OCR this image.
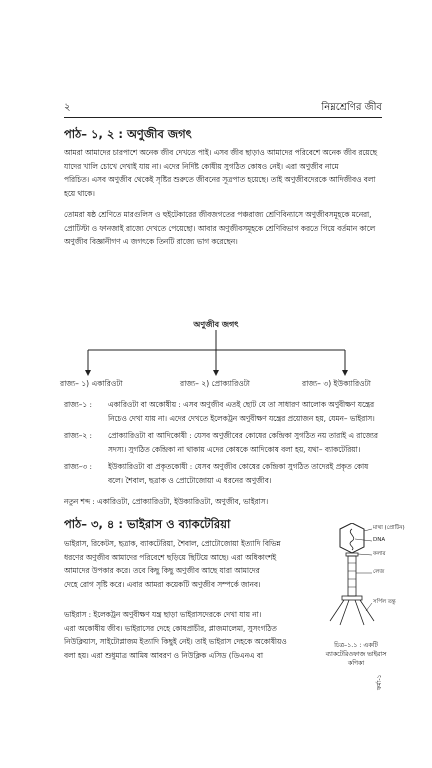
২	নিম্নশ্রেণির জীব
পাঠ– ১, ২ : অণুজীব জগৎ

আমরা আমাদের চারপাশে অনেক জীব দেখতে পাই। এসব জীব ছাড়াও আমাদের পরিবেশে অনেক জীব রয়েছে

যাদের খালি চোখে দেখাই যায় না। এদের নির্দিষ্ট কোষীয় সুগঠিত কোষও নেই। এরা অণুজীব নামে

পরিচিত। এসব অণুজীব থেকেই সৃষ্টির শুরুতে জীবনের সূত্রপাত হয়েছে। তাই অণুজীবদেরকে আদিজীবও বলা

হয়ে থাকে।

তোমরা ষষ্ঠ শ্রেণিতে মারগুলিস ও হুইটেকারের জীবজগতের পঞ্চরাজ্য শ্রেণিবিন্যাসে অণুজীবসমূহকে মনেরা,

প্রোটিস্টা ও ফানজাই রাজ্যে দেখতে পেয়েছো। আবার অণুজীবসমূহকে শ্রেণিবিভাগ করতে গিয়ে বর্তমান কালে

অণুজীব বিজ্ঞানীগণ এ জগৎকে তিনটি রাজ্যে ভাগ করেছেন।

অণুজীব জগৎ
রাজ্য– ১) একারিওটা	রাজ্য– ২) প্রোক্যারিওটা	রাজ্য– ৩) ইউক্যারিওটা
রাজ্য–১ : একারিওটা বা অকোষীয় : এসব অণুজীব এতই ছোট যে তা সাধারণ আলোক অণুবীক্ষণ যন্ত্রের

নিচেও দেখা যায় না। এদের দেখতে ইলেকট্রন অণুবীক্ষণ যন্ত্রের প্রয়োজন হয়, যেমন– ভাইরাস।

রাজ্য–২ : প্রোক্যারিওটা বা আদিকোষী : যেসব অণুজীবের কোষের কেন্দ্রিকা সুগঠিত নয় তারাই এ রাজ্যের

সদস্য। সুগঠিত কেন্দ্রিকা না থাকায় এদের কোষকে আদিকোষ বলা হয়, যথা– ব্যাকটেরিয়া।

রাজ্য–৩ : ইউক্যারিওটা বা প্রকৃতকোষী : যেসব অণুজীব কোষের কেন্দ্রিকা সুগঠিত তাদেরই প্রকৃত কোষ

বলে। শৈবাল, ছত্রাক ও প্রোটোজোয়া এ ধরনের অণুজীব।

নতুন শব্দ : একারিওটা, প্রোক্যারিওটা, ইউক্যারিওটা, অণুজীব, ভাইরাস।
পাঠ– ৩, ৪ : ভাইরাস ও ব্যাকটেরিয়া

ভাইরাস, রিকেটস, ছত্রাক, ব্যাকটেরিয়া, শৈবাল, প্রোটোজোয়া ইত্যাদি বিভিন্ন

ধরণের অণুজীব আমাদের পরিবেশে ছড়িয়ে ছিটিয়ে আছে। এরা অধিকাংশই

আমাদের উপকার করে। তবে কিছু কিছু অণুজীব আছে যারা আমাদের

দেহে রোগ সৃষ্টি করে। এবার আমরা কয়েকটি অণুজীব সম্পর্কে জানব।

ভাইরাস : ইলেকট্রন অণুবীক্ষণ যন্ত্র ছাড়া ভাইরাসদেরকে দেখা যায় না।

এরা অকোষীয় জীব। ভাইরাসের দেহে কোষপ্রাচীর, প্লাজমালেমা, সুসংগঠিত

নিউক্লিয়াস, সাইটোপ্লাজম ইত্যাদি কিছুই নেই। তাই ভাইরাস দেহকে অকোষীয়ও

বলা হয়। এরা শুধুমাত্র আমিষ আবরণ ও নিউক্লিক এসিড (ডিএনএ বা

মাথা (প্রোটিন)
DNA
কলার
লেজ
সর্পিল তন্তু
চিত্র–১.১ : একটি
ব্যাকটেরিওফাজ ভাইরাস কণিকা
ফর্মা-১
